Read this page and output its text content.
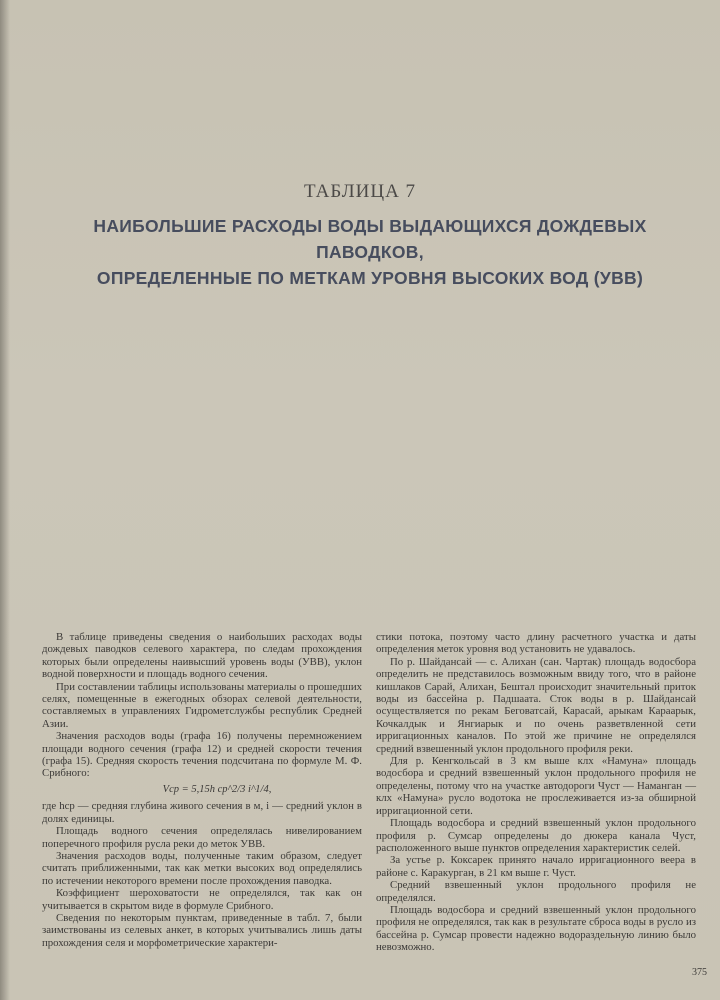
ТАБЛИЦА 7
НАИБОЛЬШИЕ РАСХОДЫ ВОДЫ ВЫДАЮЩИХСЯ ДОЖДЕВЫХ ПАВОДКОВ,
ОПРЕДЕЛЕННЫЕ ПО МЕТКАМ УРОВНЯ ВЫСОКИХ ВОД (УВВ)

В таблице приведены сведения о наибольших расходах воды дождевых паводков селевого характера, по следам прохождения которых были определены наивысший уровень воды (УВВ), уклон водной поверхности и площадь водного сечения.

При составлении таблицы использованы материалы о прошедших селях, помещенные в ежегодных обзорах селевой деятельности, составляемых в управлениях Гидрометслужбы республик Средней Азии.

Значения расходов воды (графа 16) получены перемножением площади водного сечения (графа 12) и средней скорости течения (графа 15). Средняя скорость течения подсчитана по формуле М. Ф. Срибного:

Vср = 5,15h ср^2/3 i^1/4,

где hср — средняя глубина живого сечения в м, i — средний уклон в долях единицы.

Площадь водного сечения определялась нивелированием поперечного профиля русла реки до меток УВВ.

Значения расходов воды, полученные таким образом, следует считать приближенными, так как метки высоких вод определялись по истечении некоторого времени после прохождения паводка.

Коэффициент шероховатости не определялся, так как он учитывается в скрытом виде в формуле Срибного.

Сведения по некоторым пунктам, приведенные в табл. 7, были заимствованы из селевых анкет, в которых учитывались лишь даты прохождения селя и морфометрические характери-

стики потока, поэтому часто длину расчетного участка и даты определения меток уровня вод установить не удавалось.

По р. Шайдансай — с. Алихан (сан. Чартак) площадь водосбора определить не представилось возможным ввиду того, что в районе кишлаков Сарай, Алихан, Бештал происходит значительный приток воды из бассейна р. Падшаата. Сток воды в р. Шайдансай осуществляется по рекам Беговатсай, Карасай, арыкам Караарык, Кочкалдык и Янгиарык и по очень разветвленной сети ирригационных каналов. По этой же причине не определялся средний взвешенный уклон продольного профиля реки.

Для р. Кенгкольсай в 3 км выше клх «Намуна» площадь водосбора и средний взвешенный уклон продольного профиля не определены, потому что на участке автодороги Чуст — Наманган — клх «Намуна» русло водотока не прослеживается из-за обширной ирригационной сети.

Площадь водосбора и средний взвешенный уклон продольного профиля р. Сумсар определены до дюкера канала Чуст, расположенного выше пунктов определения характеристик селей.

За устье р. Коксарек принято начало ирригационного веера в районе с. Каракурган, в 21 км выше г. Чуст.

Средний взвешенный уклон продольного профиля не определялся.

Площадь водосбора и средний взвешенный уклон продольного профиля не определялся, так как в результате сброса воды в русло из бассейна р. Сумсар провести надежно водораздельную линию было невозможно.

375
